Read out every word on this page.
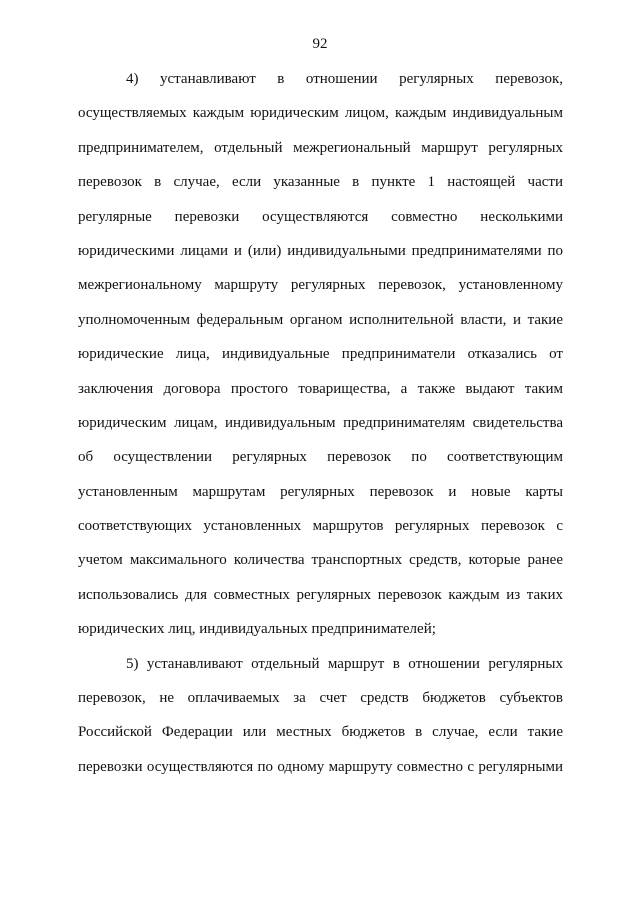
92
4) устанавливают в отношении регулярных перевозок,
осуществляемых каждым юридическим лицом, каждым индивидуальным
предпринимателем, отдельный межрегиональный маршрут регулярных
перевозок в случае, если указанные в пункте 1 настоящей части
регулярные перевозки осуществляются совместно несколькими
юридическими лицами и (или) индивидуальными предпринимателями по
межрегиональному маршруту регулярных перевозок, установленному
уполномоченным федеральным органом исполнительной власти, и такие
юридические лица, индивидуальные предприниматели отказались от
заключения договора простого товарищества, а также выдают таким
юридическим лицам, индивидуальным предпринимателям свидетельства
об осуществлении регулярных перевозок по соответствующим
установленным маршрутам регулярных перевозок и новые карты
соответствующих установленных маршрутов регулярных перевозок с
учетом максимального количества транспортных средств, которые ранее
использовались для совместных регулярных перевозок каждым из таких
юридических лиц, индивидуальных предпринимателей;
5) устанавливают отдельный маршрут в отношении регулярных
перевозок, не оплачиваемых за счет средств бюджетов субъектов
Российской Федерации или местных бюджетов в случае, если такие
перевозки осуществляются по одному маршруту совместно с регулярными
